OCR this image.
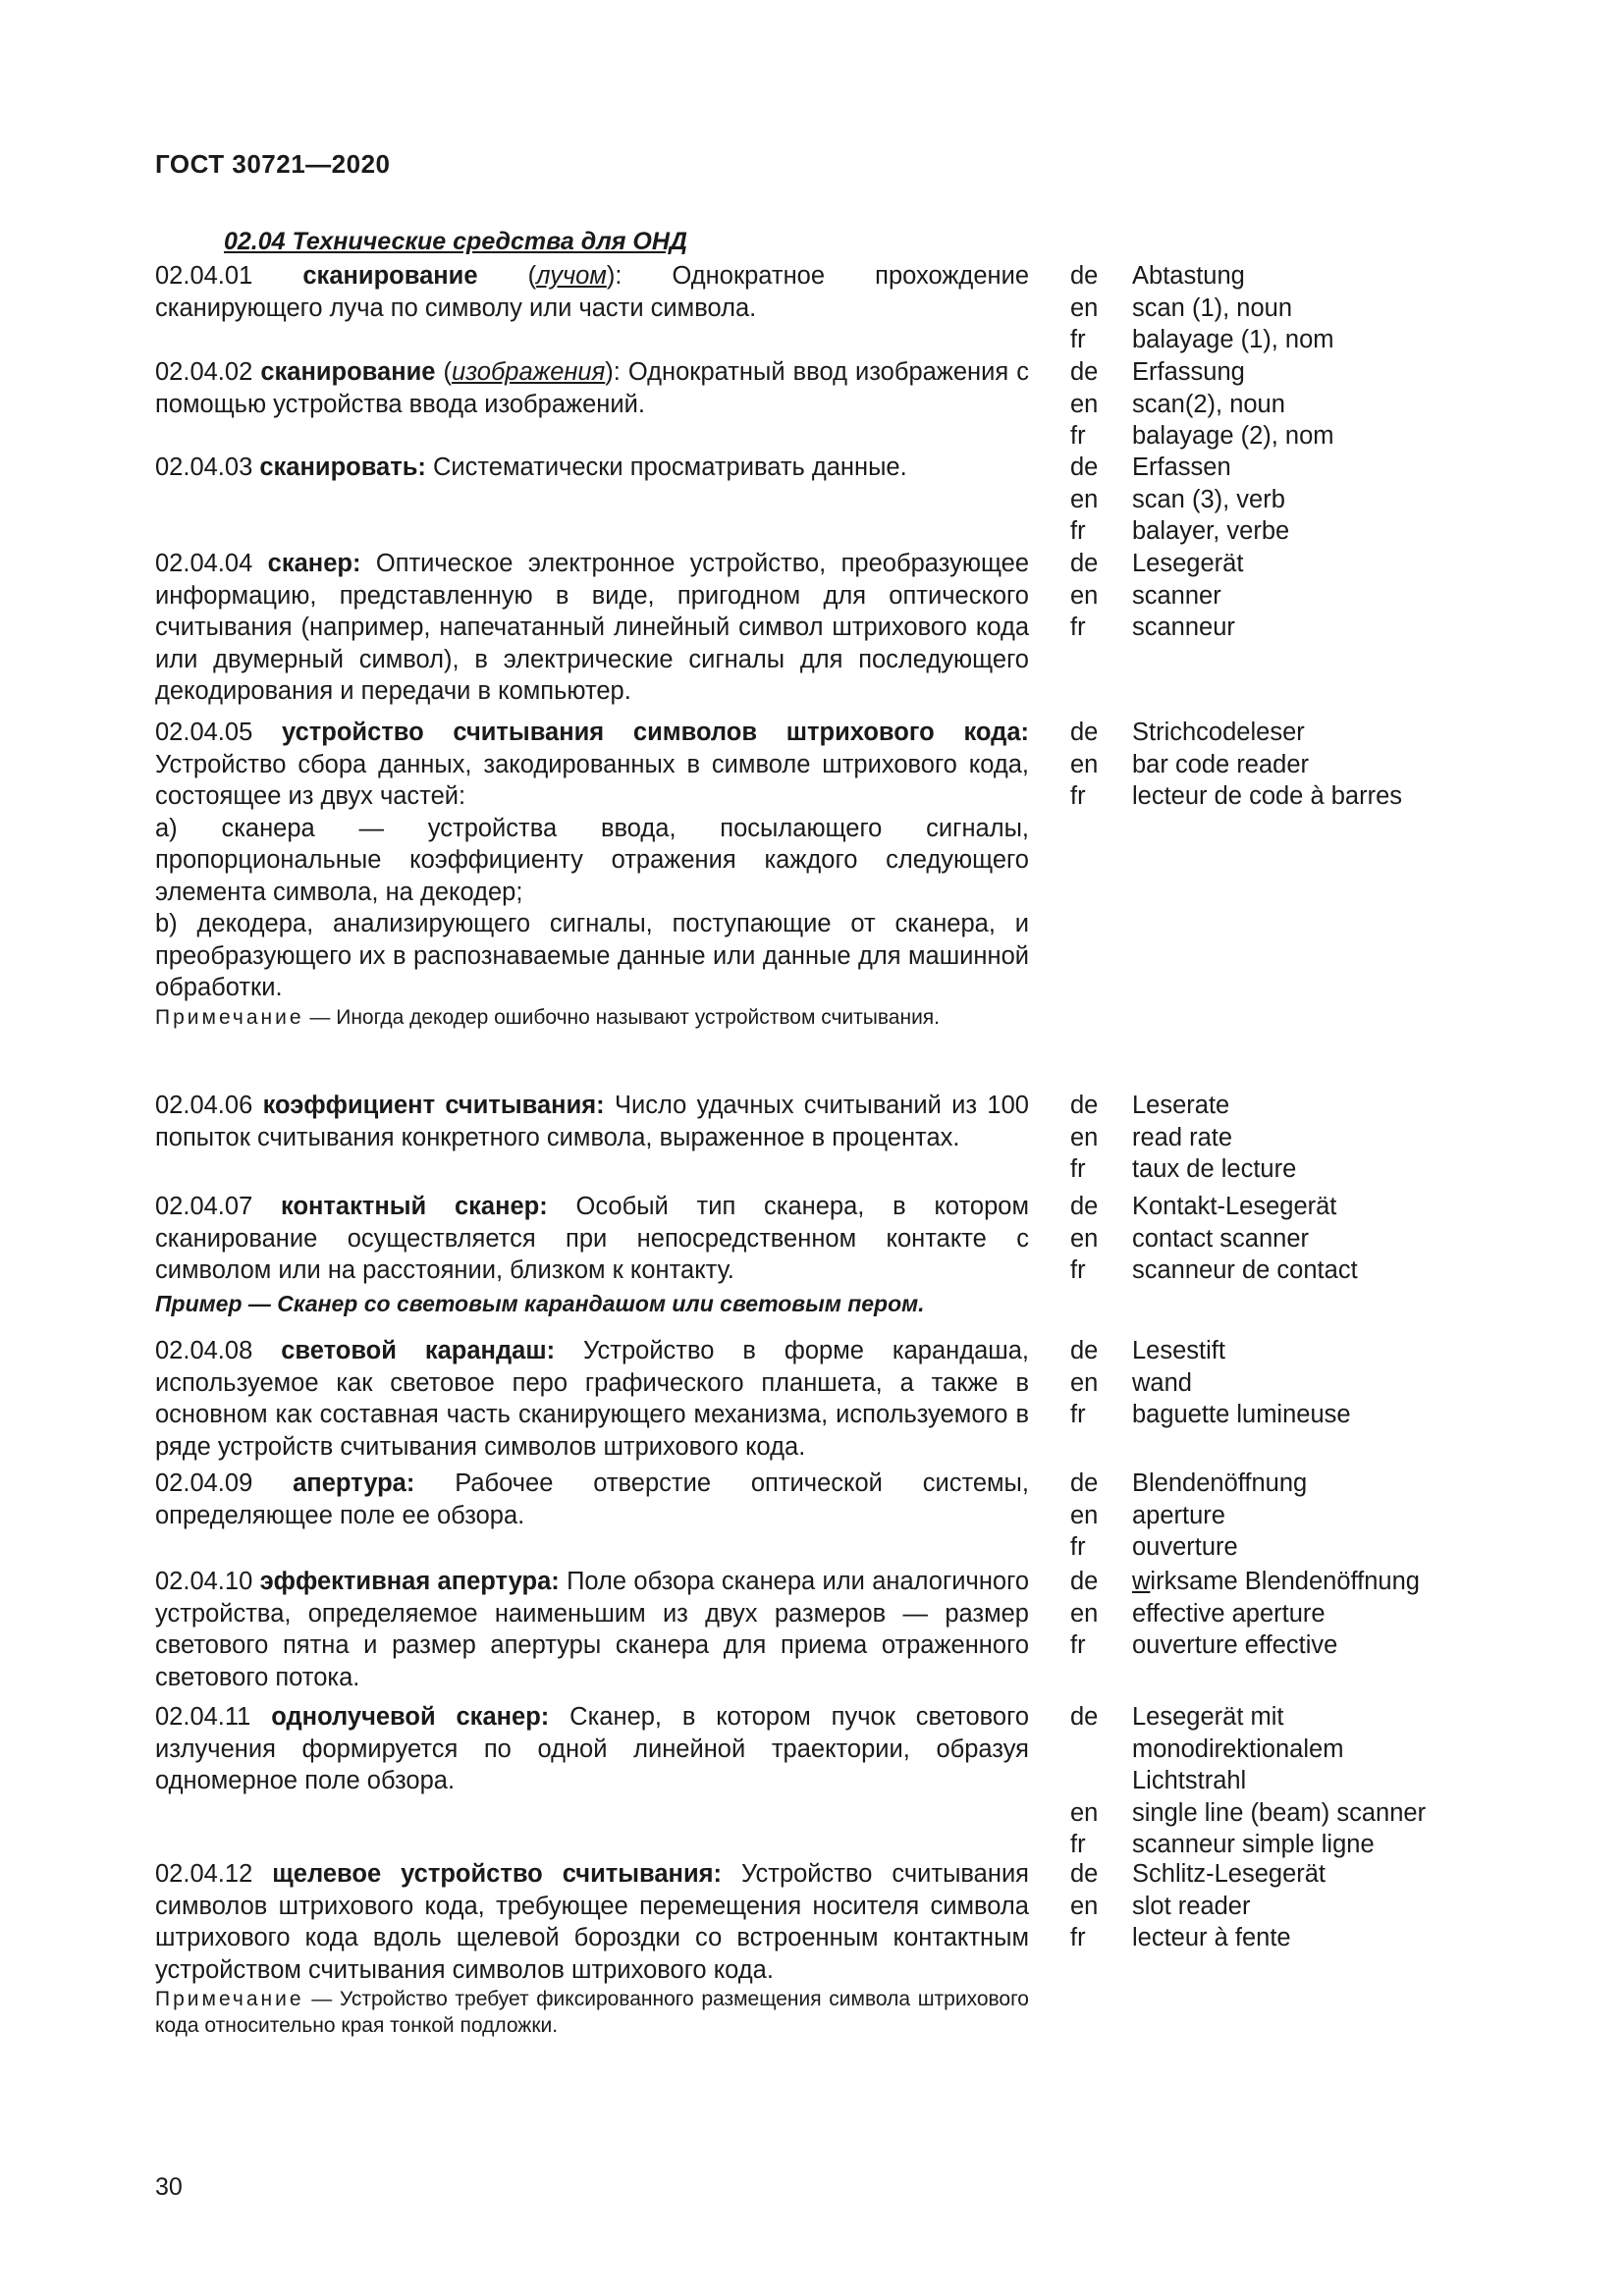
ГОСТ 30721—2020
02.04 Технические средства для ОНД

02.04.01 сканирование (лучом): Однократное прохождение сканирующего луча по символу или части символа.

de	Abtastung
en	scan (1), noun
fr	balayage (1), nom

02.04.02 сканирование (изображения): Однократный ввод изображения с помощью устройства ввода изображений.

de	Erfassung
en	scan(2), noun
fr	balayage (2), nom

02.04.03 сканировать: Систематически просматривать данные.	de	Erfassen
en	scan (3), verb
fr	balayer, verbe

02.04.04 сканер: Оптическое электронное устройство, преобразующее информацию, представленную в виде, пригодном для оптического считывания (например, напечатанный линейный символ штрихового кода или двумерный символ), в электрические сигналы для последующего декодирования и передачи в компьютер.

de	Lesegerät
en	scanner
fr	scanneur

02.04.05 устройство считывания символов штрихового кода: Устройство сбора данных, закодированных в символе штрихового кода, состоящее из двух частей:

а) сканера — устройства ввода, посылающего сигналы, пропорциональные коэффициенту отражения каждого следующего элемента символа, на декодер;

b) декодера, анализирующего сигналы, поступающие от сканера, и преобразующего их в распознаваемые данные или данные для машинной обработки.

Примечание — Иногда декодер ошибочно называют устройством считывания.

de	Strichcodeleser
en	bar code reader
fr	lecteur de code à barres

02.04.06 коэффициент считывания: Число удачных считываний из 100 попыток считывания конкретного символа, выраженное в процентах.

de	Leserate
en	read rate
fr	taux de lecture

02.04.07 контактный сканер: Особый тип сканера, в котором сканирование осуществляется при непосредственном контакте с символом или на расстоянии, близком к контакту.

de	Kontakt-Lesegerät
en	contact scanner
fr	scanneur de contact
Пример — Сканер со световым карандашом или световым пером.

02.04.08 световой карандаш: Устройство в форме карандаша, используемое как световое перо графического планшета, а также в основном как составная часть сканирующего механизма, используемого в ряде устройств считывания символов штрихового кода.

de	Lesestift
en	wand
fr	baguette lumineuse

02.04.09 апертура: Рабочее отверстие оптической системы, определяющее поле ее обзора.

de	Blendenöffnung
en	aperture
fr	ouverture

02.04.10 эффективная апертура: Поле обзора сканера или аналогичного устройства, определяемое наименьшим из двух размеров — размер светового пятна и размер апертуры сканера для приема отраженного светового потока.

de	wirksame Blendenöffnung
en	effective aperture
fr	ouverture effective

02.04.11 однолучевой сканер: Сканер, в котором пучок светового излучения формируется по одной линейной траектории, образуя одномерное поле обзора.

de	Lesegerät mit
monodirektionalem
Lichtstrahl
en	single line (beam) scanner
fr	scanneur simple ligne

02.04.12 щелевое устройство считывания: Устройство считывания символов штрихового кода, требующее перемещения носителя символа штрихового кода вдоль щелевой бороздки со встроенным контактным устройством считывания символов штрихового кода.

Примечание — Устройство требует фиксированного размещения символа штрихового кода относительно края тонкой подложки.

de	Schlitz-Lesegerät
en	slot reader
fr	lecteur à fente
30
